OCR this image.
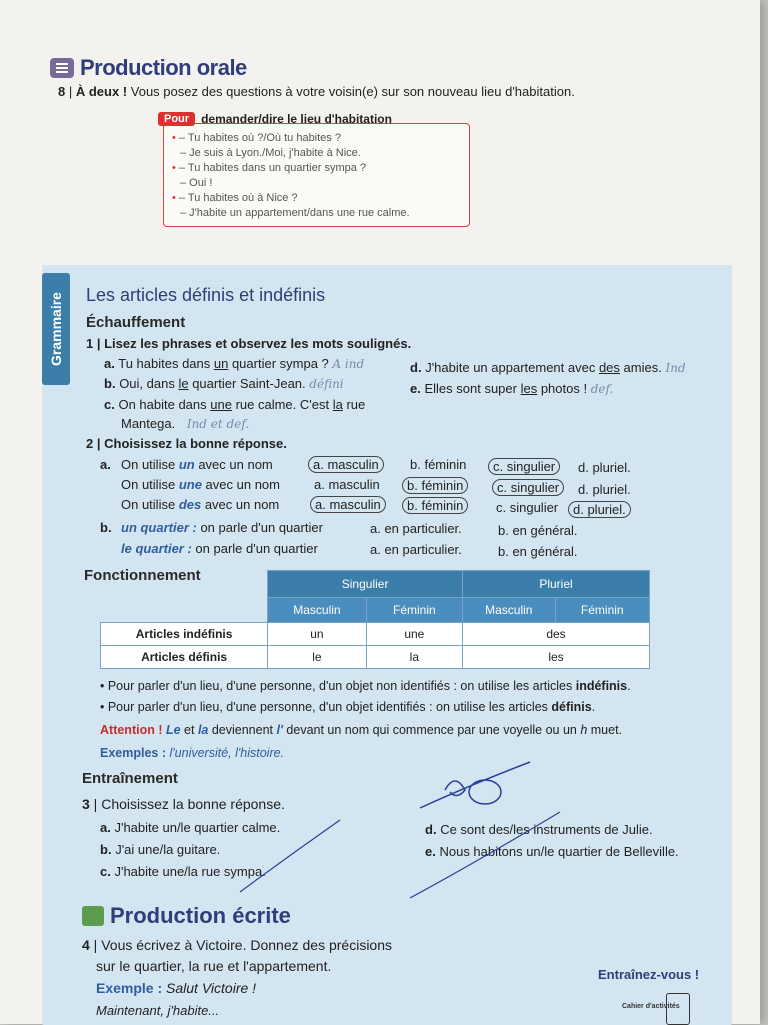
Production orale
8 | À deux ! Vous posez des questions à votre voisin(e) sur son nouveau lieu d'habitation.
Pour	demander/dire le lieu d'habitation
• – Tu habites où ?/Où tu habites ?
– Je suis à Lyon./Moi, j'habite à Nice.
• – Tu habites dans un quartier sympa ?
– Oui !
• – Tu habites où à Nice ?
– J'habite un appartement/dans une rue calme.
Grammaire Les articles définis et indéfinis
Échauffement
1 | Lisez les phrases et observez les mots soulignés.
a. Tu habites dans un quartier sympa ? A ind
b. Oui, dans le quartier Saint-Jean. défini
c. On habite dans une rue calme. C'est la rue
Mantega. Ind et def.
d. J'habite un appartement avec des amies. Ind
e. Elles sont super les photos ! def.
2 | Choisissez la bonne réponse.
a. On utilise un avec un nom	a. masculin	b. féminin	c. singulier	d. pluriel.
On utilise une avec un nom	a. masculin	b. féminin	c. singulier	d. pluriel.
On utilise des avec un nom	a. masculin	b. féminin	c. singulier	d. pluriel.
b. un quartier : on parle d'un quartier	a. en particulier.	b. en général.
le quartier : on parle d'un quartier	a. en particulier.	b. en général.
Fonctionnement
		Singulier		Pluriel	
	Masculin	Féminin	Masculin	Féminin
Articles indéfinis	un	une	des	
Articles définis	le	la	les	
• Pour parler d'un lieu, d'une personne, d'un objet non identifiés : on utilise les articles indéfinis.
• Pour parler d'un lieu, d'une personne, d'un objet identifiés : on utilise les articles définis.
Attention ! Le et la deviennent l' devant un nom qui commence par une voyelle ou un h muet.
Exemples : l'université, l'histoire.
Entraînement
3 | Choisissez la bonne réponse.
a. J'habite un/le quartier calme.
b. J'ai une/la guitare.
c. J'habite une/la rue sympa.
d. Ce sont des/les instruments de Julie.
e. Nous habitons un/le quartier de Belleville.
Production écrite
4 | Vous écrivez à Victoire. Donnez des précisions
sur le quartier, la rue et l'appartement.
Exemple : Salut Victoire !
Maintenant, j'habite...
Entraînez-vous !
Cahier d'activités
